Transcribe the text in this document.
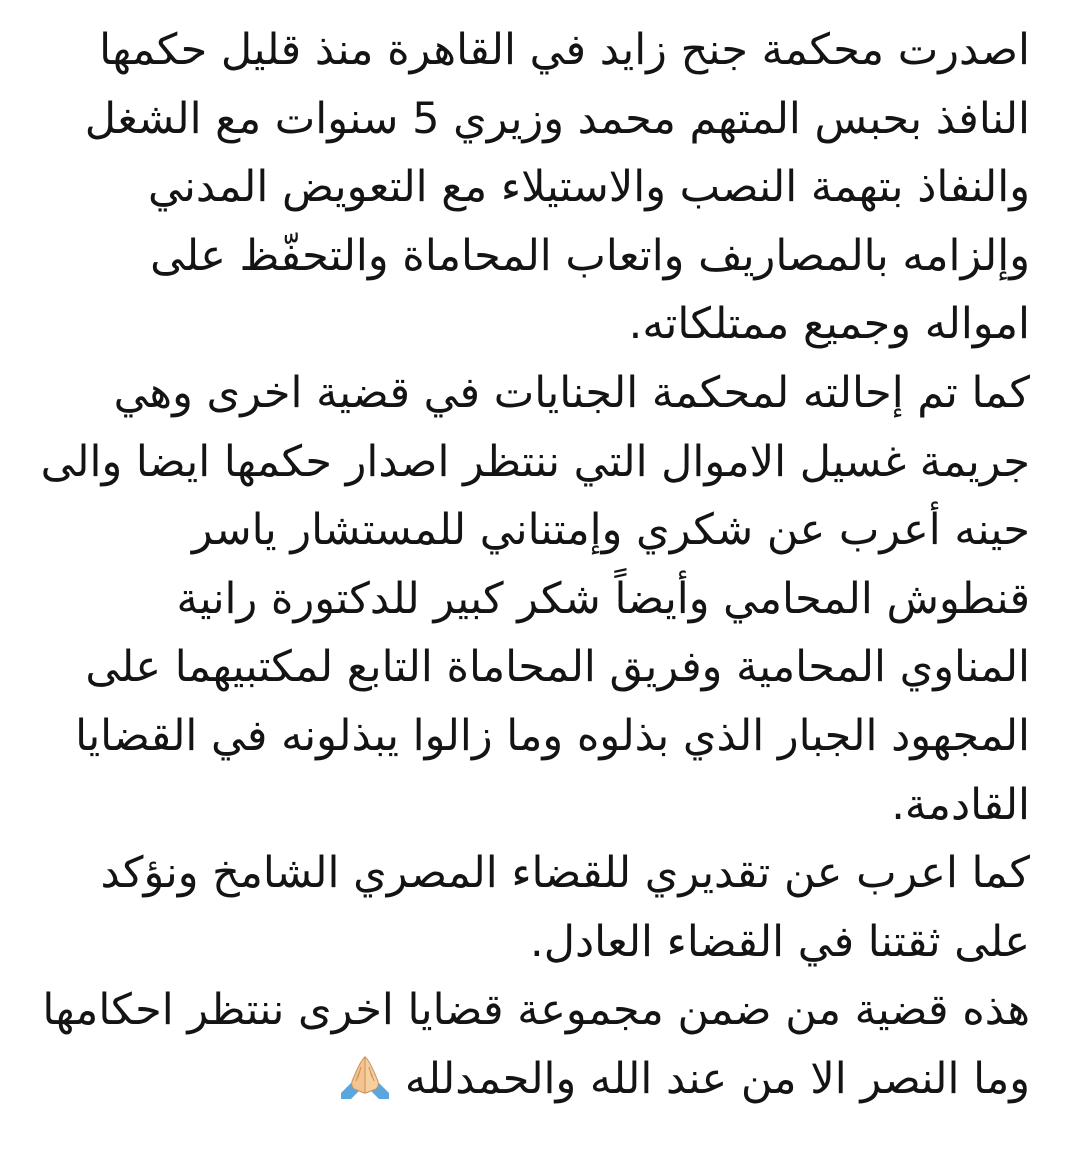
اصدرت محكمة جنح زايد في القاهرة منذ قليل حكمها النافذ بحبس المتهم محمد وزيري 5 سنوات مع الشغل والنفاذ بتهمة النصب والاستيلاء مع التعويض المدني وإلزامه بالمصاريف واتعاب المحاماة والتحفّظ على امواله وجميع ممتلكاته.

كما تم إحالته لمحكمة الجنايات في قضية اخرى وهي جريمة غسيل الاموال التي ننتظر اصدار حكمها ايضا والى حينه أعرب عن شكري وإمتناني للمستشار ياسر قنطوش المحامي وأيضاً شكر كبير للدكتورة رانية المناوي المحامية وفريق المحاماة التابع لمكتبيهما على المجهود الجبار الذي بذلوه وما زالوا يبذلونه في القضايا القادمة.

كما اعرب عن تقديري للقضاء المصري الشامخ ونؤكد على ثقتنا في القضاء العادل.

هذه قضية من ضمن مجموعة قضايا اخرى ننتظر احكامها وما النصر الا من عند الله والحمدلله
